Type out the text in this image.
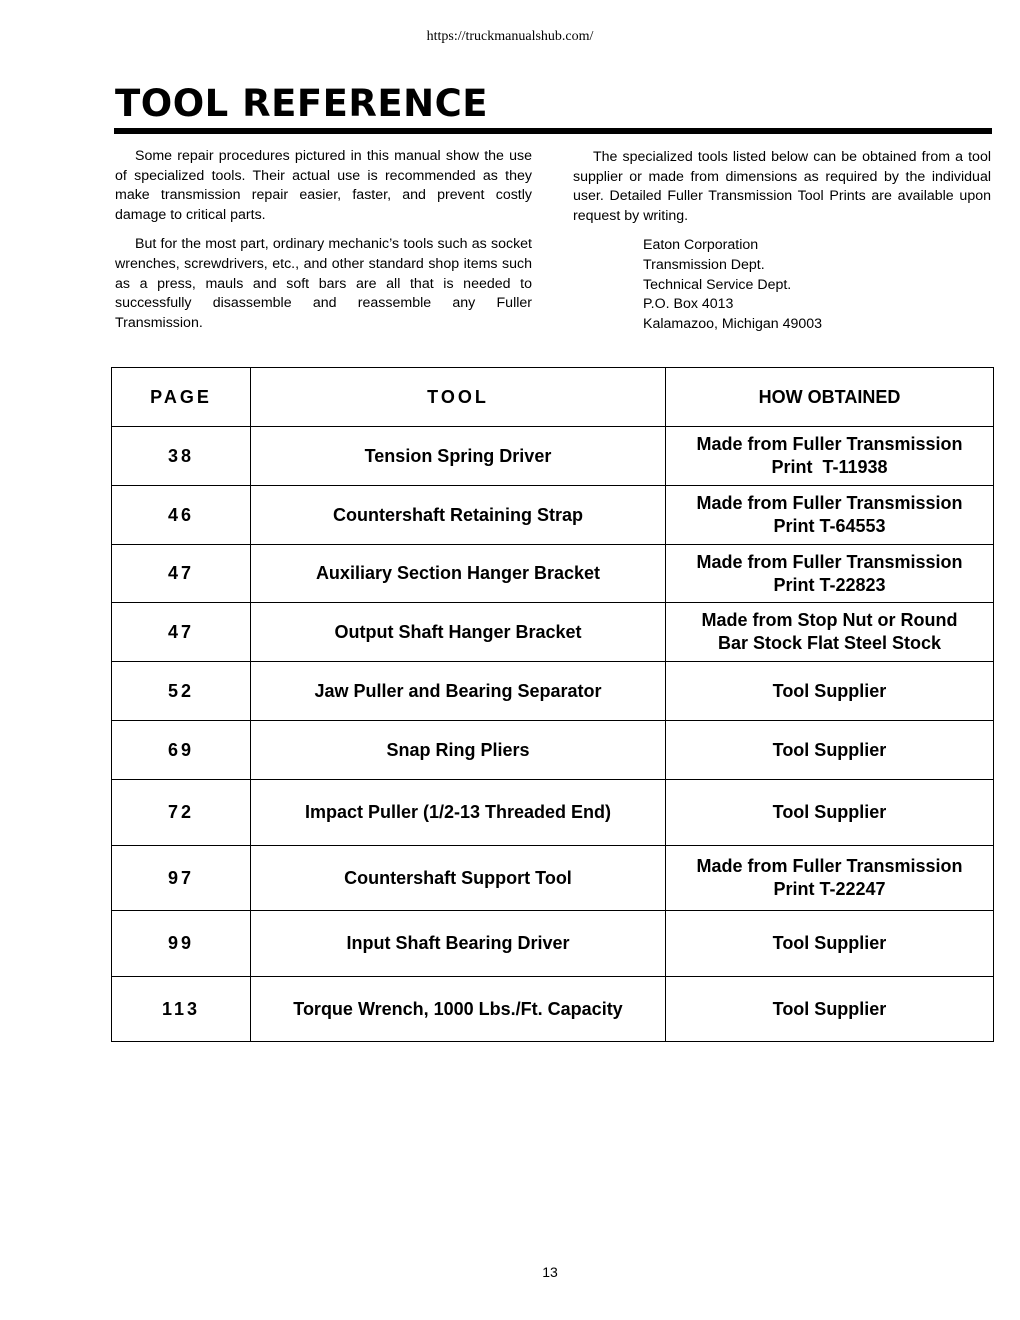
https://truckmanualshub.com/
TOOL REFERENCE

Some repair procedures pictured in this manual show the use of specialized tools. Their actual use is recommended as they make transmission repair easier, faster, and prevent costly damage to critical parts.

But for the most part, ordinary mechanic’s tools such as socket wrenches, screwdrivers, etc., and other standard shop items such as a press, mauls and soft bars are all that is needed to successfully disassemble and reassemble any Fuller Transmission.

The specialized tools listed below can be obtained from a tool supplier or made from dimensions as required by the individual user. Detailed Fuller Transmission Tool Prints are available upon request by writing.

Eaton Corporation
Transmission Dept.
Technical Service Dept.
P.O. Box 4013
Kalamazoo, Michigan 49003
PAGE	TOOL	HOW OBTAINED
38	Tension Spring Driver	Made from Fuller Transmission
Print  T-11938

46	Countershaft Retaining Strap	Made from Fuller Transmission
Print T-64553

47	Auxiliary Section Hanger Bracket	Made from Fuller Transmission
Print T-22823

47	Output Shaft Hanger Bracket	Made from Stop Nut or Round
Bar Stock Flat Steel Stock

52	Jaw Puller and Bearing Separator	Tool Supplier

69	Snap Ring Pliers	Tool Supplier

72	Impact Puller (1/2-13 Threaded End)	Tool Supplier

97	Countershaft Support Tool	Made from Fuller Transmission
Print T-22247

99	Input Shaft Bearing Driver	Tool Supplier

113	Torque Wrench, 1000 Lbs./Ft. Capacity	Tool Supplier
13
